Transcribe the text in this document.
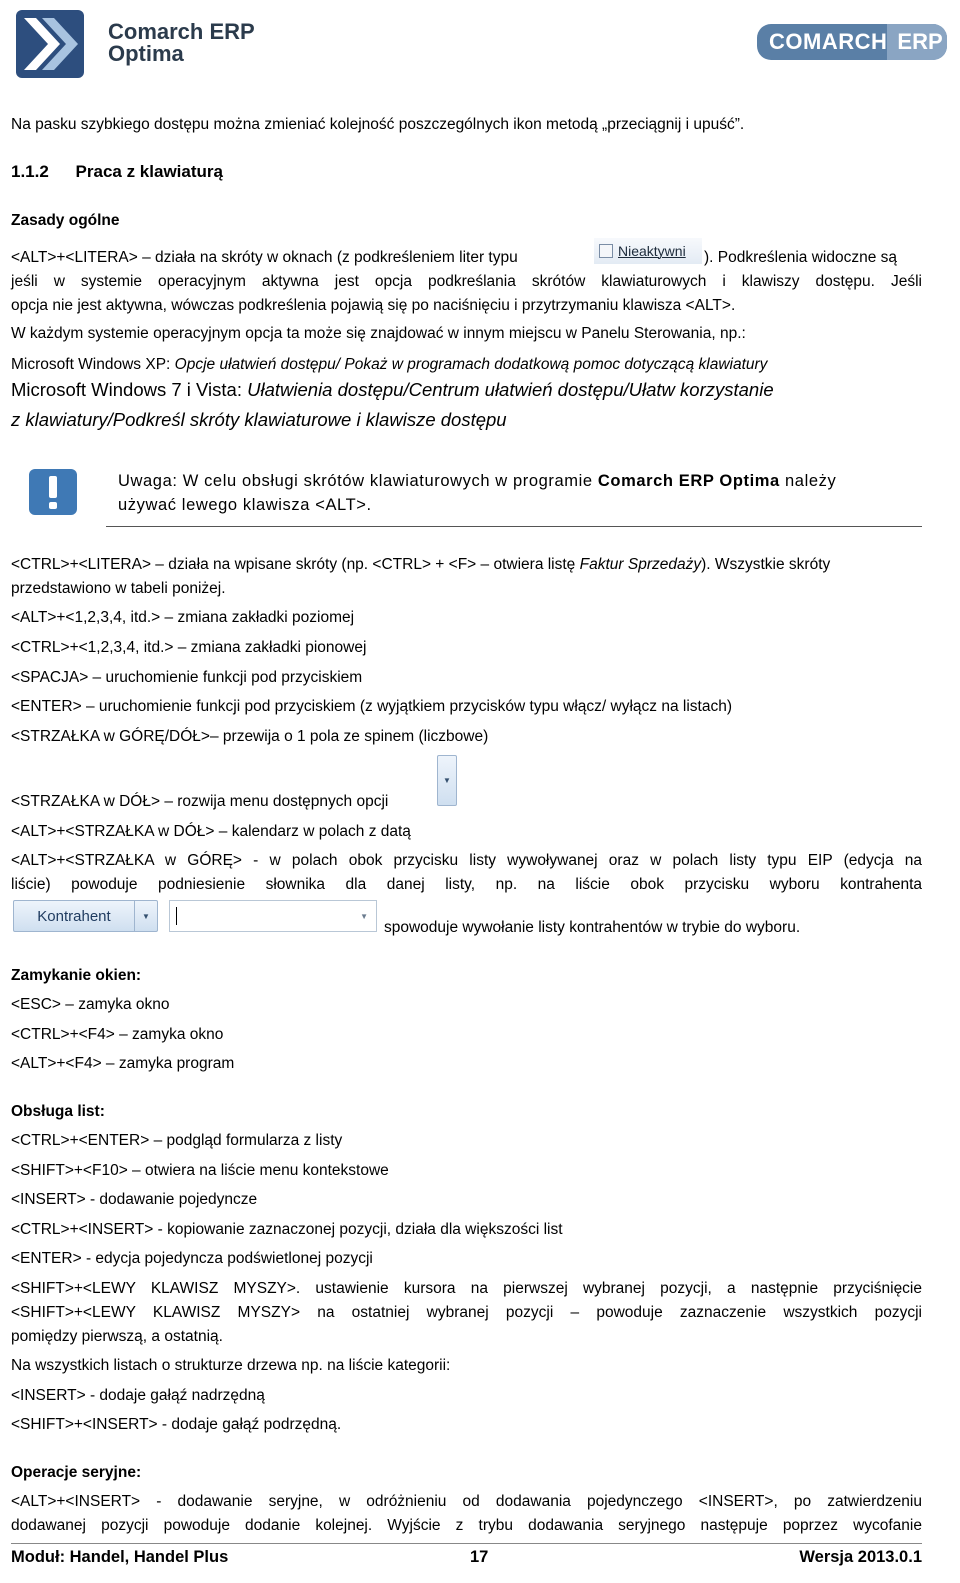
Comarch ERP
Optima	COMARCH ERP
Na pasku szybkiego dostępu można zmieniać kolejność poszczególnych ikon metodą „przeciągnij i upuść”.
1.1.2 Praca z klawiaturą
Zasady ogólne
<ALT>+<LITERA> – działa na skróty w oknach (z podkreśleniem liter typu	Nieaktywni ). Podkreślenia widoczne są
jeśli w systemie operacyjnym aktywna jest opcja podkreślania skrótów klawiaturowych i klawiszy dostępu. Jeśli
opcja nie jest aktywna, wówczas podkreślenia pojawią się po naciśnięciu i przytrzymaniu klawisza <ALT>.
W każdym systemie operacyjnym opcja ta może się znajdować w innym miejscu w Panelu Sterowania, np.:
Microsoft Windows XP: Opcje ułatwień dostępu/ Pokaż w programach dodatkową pomoc dotyczącą klawiatury
Microsoft Windows 7 i Vista: Ułatwienia dostępu/Centrum ułatwień dostępu/Ułatw korzystanie
z klawiatury/Podkreśl skróty klawiaturowe i klawisze dostępu
Uwaga: W celu obsługi skrótów klawiaturowych w programie Comarch ERP Optima należy
używać lewego klawisza <ALT>.
<CTRL>+<LITERA> – działa na wpisane skróty (np. <CTRL> + <F> – otwiera listę Faktur Sprzedaży). Wszystkie skróty
przedstawiono w tabeli poniżej.
<ALT>+<1,2,3,4, itd.> – zmiana zakładki poziomej
<CTRL>+<1,2,3,4, itd.> – zmiana zakładki pionowej
<SPACJA> – uruchomienie funkcji pod przyciskiem
<ENTER> – uruchomienie funkcji pod przyciskiem (z wyjątkiem przycisków typu włącz/ wyłącz na listach)
<STRZAŁKA w GÓRĘ/DÓŁ>– przewija o 1 pola ze spinem (liczbowe)
<STRZAŁKA w DÓŁ> – rozwija menu dostępnych opcji
▼
<ALT>+<STRZAŁKA w DÓŁ> – kalendarz w polach z datą
<ALT>+<STRZAŁKA w GÓRĘ> - w polach obok przycisku listy wywoływanej oraz w polach listy typu EIP (edycja na
liście) powoduje podniesienie słownika dla danej listy, np. na liście obok przycisku wyboru kontrahenta
Kontrahent	▼	▼
spowoduje wywołanie listy kontrahentów w trybie do wyboru.
Zamykanie okien:
<ESC> – zamyka okno
<CTRL>+<F4> – zamyka okno
<ALT>+<F4> – zamyka program
Obsługa list:
<CTRL>+<ENTER> – podgląd formularza z listy
<SHIFT>+<F10> – otwiera na liście menu kontekstowe
<INSERT> - dodawanie pojedyncze
<CTRL>+<INSERT> - kopiowanie zaznaczonej pozycji, działa dla większości list
<ENTER> - edycja pojedyncza podświetlonej pozycji
<SHIFT>+<LEWY KLAWISZ MYSZY>. ustawienie kursora na pierwszej wybranej pozycji, a następnie przyciśnięcie
<SHIFT>+<LEWY KLAWISZ MYSZY> na ostatniej wybranej pozycji – powoduje zaznaczenie wszystkich pozycji
pomiędzy pierwszą, a ostatnią.
Na wszystkich listach o strukturze drzewa np. na liście kategorii:
<INSERT> - dodaje gałąź nadrzędną
<SHIFT>+<INSERT> - dodaje gałąź podrzędną.
Operacje seryjne:
<ALT>+<INSERT> - dodawanie seryjne, w odróżnieniu od dodawania pojedynczego <INSERT>, po zatwierdzeniu
dodawanej pozycji powoduje dodanie kolejnej. Wyjście z trybu dodawania seryjnego następuje poprzez wycofanie
Moduł: Handel, Handel Plus	17	Wersja 2013.0.1
